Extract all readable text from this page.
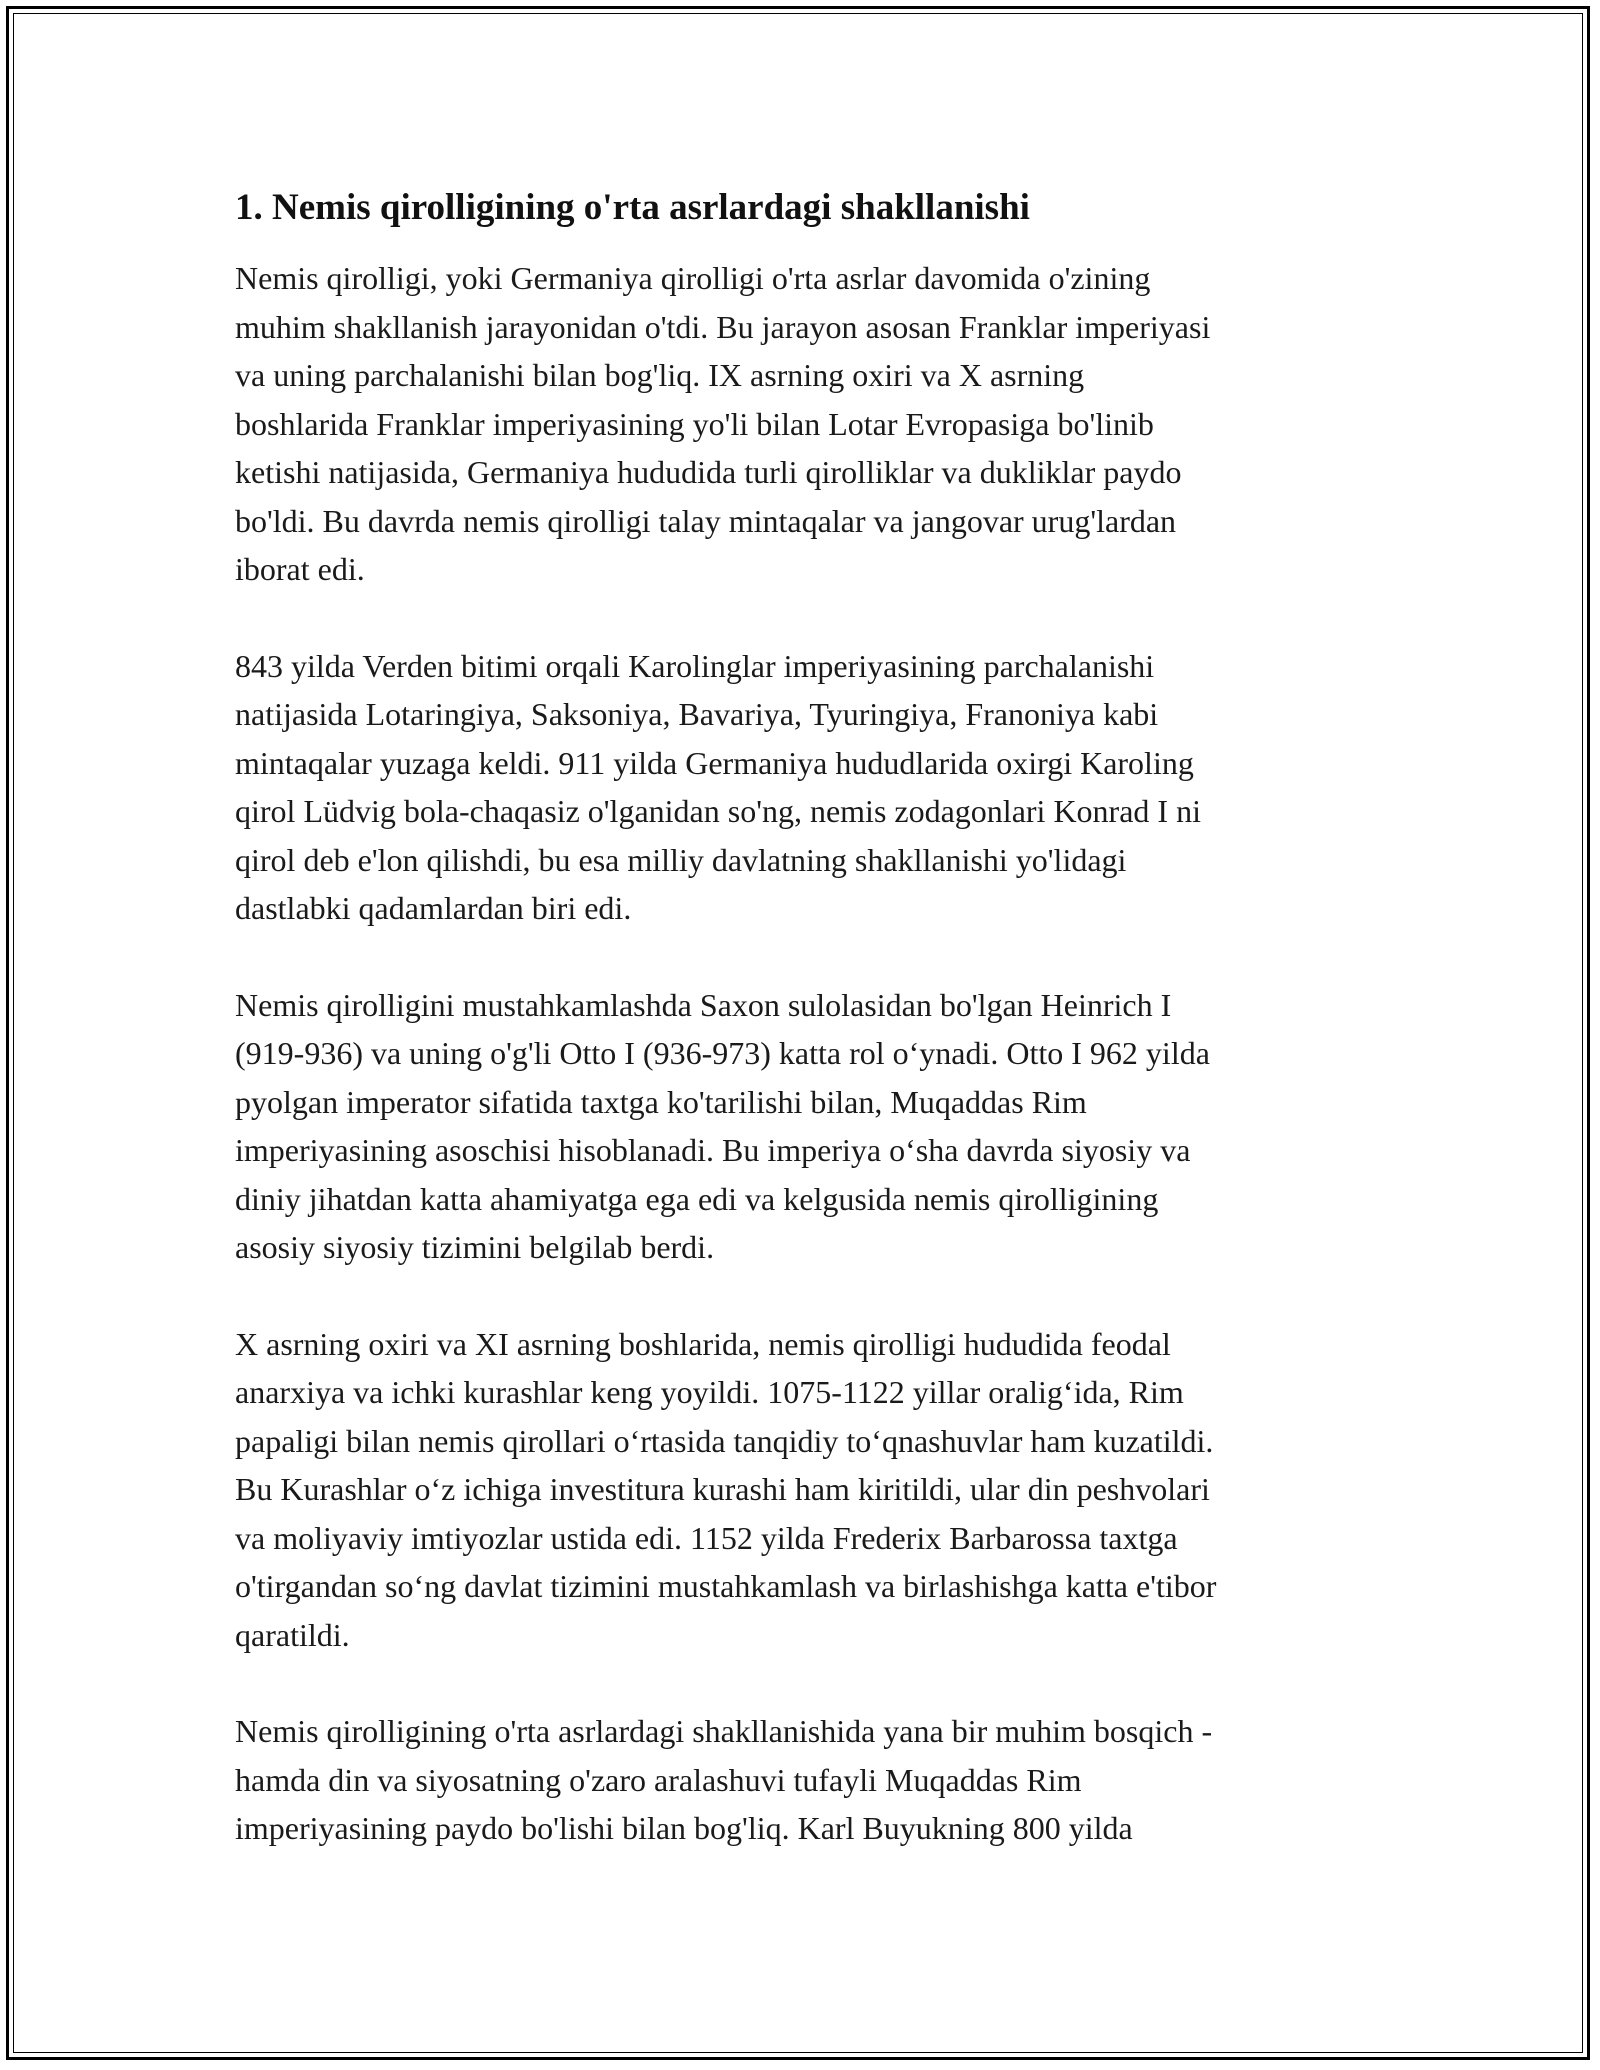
1. Nemis qirolligining o'rta asrlardagi shakllanishi

Nemis qirolligi, yoki Germaniya qirolligi o'rta asrlar davomida o'zining
muhim shakllanish jarayonidan o'tdi. Bu jarayon asosan Franklar imperiyasi
va uning parchalanishi bilan bog'liq. IX asrning oxiri va X asrning
boshlarida Franklar imperiyasining yo'li bilan Lotar Evropasiga bo'linib
ketishi natijasida, Germaniya hududida turli qirolliklar va dukliklar paydo
bo'ldi. Bu davrda nemis qirolligi talay mintaqalar va jangovar urug'lardan
iborat edi.

843 yilda Verden bitimi orqali Karolinglar imperiyasining parchalanishi
natijasida Lotaringiya, Saksoniya, Bavariya, Tyuringiya, Franoniya kabi
mintaqalar yuzaga keldi. 911 yilda Germaniya hududlarida oxirgi Karoling
qirol Lüdvig bola-chaqasiz o'lganidan so'ng, nemis zodagonlari Konrad I ni
qirol deb e'lon qilishdi, bu esa milliy davlatning shakllanishi yo'lidagi
dastlabki qadamlardan biri edi.

Nemis qirolligini mustahkamlashda Saxon sulolasidan bo'lgan Heinrich I
(919-936) va uning o'g'li Otto I (936-973) katta rol o‘ynadi. Otto I 962 yilda
pyolgan imperator sifatida taxtga ko'tarilishi bilan, Muqaddas Rim
imperiyasining asoschisi hisoblanadi. Bu imperiya o‘sha davrda siyosiy va
diniy jihatdan katta ahamiyatga ega edi va kelgusida nemis qirolligining
asosiy siyosiy tizimini belgilab berdi.

X asrning oxiri va XI asrning boshlarida, nemis qirolligi hududida feodal
anarxiya va ichki kurashlar keng yoyildi. 1075-1122 yillar oralig‘ida, Rim
papaligi bilan nemis qirollari o‘rtasida tanqidiy to‘qnashuvlar ham kuzatildi.
Bu Kurashlar o‘z ichiga investitura kurashi ham kiritildi, ular din peshvolari
va moliyaviy imtiyozlar ustida edi. 1152 yilda Frederix Barbarossa taxtga
o'tirgandan so‘ng davlat tizimini mustahkamlash va birlashishga katta e'tibor
qaratildi.

Nemis qirolligining o'rta asrlardagi shakllanishida yana bir muhim bosqich -
hamda din va siyosatning o'zaro aralashuvi tufayli Muqaddas Rim
imperiyasining paydo bo'lishi bilan bog'liq. Karl Buyukning 800 yilda
